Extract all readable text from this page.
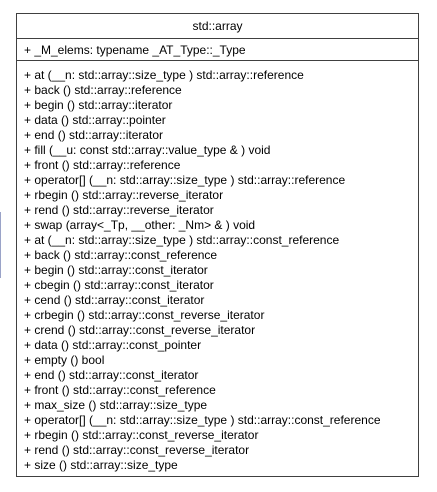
std::array
+ _M_elems: typename _AT_Type::_Type
+ at (__n: std::array::size_type ) std::array::reference
+ back () std::array::reference
+ begin () std::array::iterator
+ data () std::array::pointer
+ end () std::array::iterator
+ fill (__u: const std::array::value_type & ) void
+ front () std::array::reference
+ operator[] (__n: std::array::size_type ) std::array::reference
+ rbegin () std::array::reverse_iterator
+ rend () std::array::reverse_iterator
+ swap (array<_Tp, __other: _Nm> & ) void
+ at (__n: std::array::size_type ) std::array::const_reference
+ back () std::array::const_reference
+ begin () std::array::const_iterator
+ cbegin () std::array::const_iterator
+ cend () std::array::const_iterator
+ crbegin () std::array::const_reverse_iterator
+ crend () std::array::const_reverse_iterator
+ data () std::array::const_pointer
+ empty () bool
+ end () std::array::const_iterator
+ front () std::array::const_reference
+ max_size () std::array::size_type
+ operator[] (__n: std::array::size_type ) std::array::const_reference
+ rbegin () std::array::const_reverse_iterator
+ rend () std::array::const_reverse_iterator
+ size () std::array::size_type
